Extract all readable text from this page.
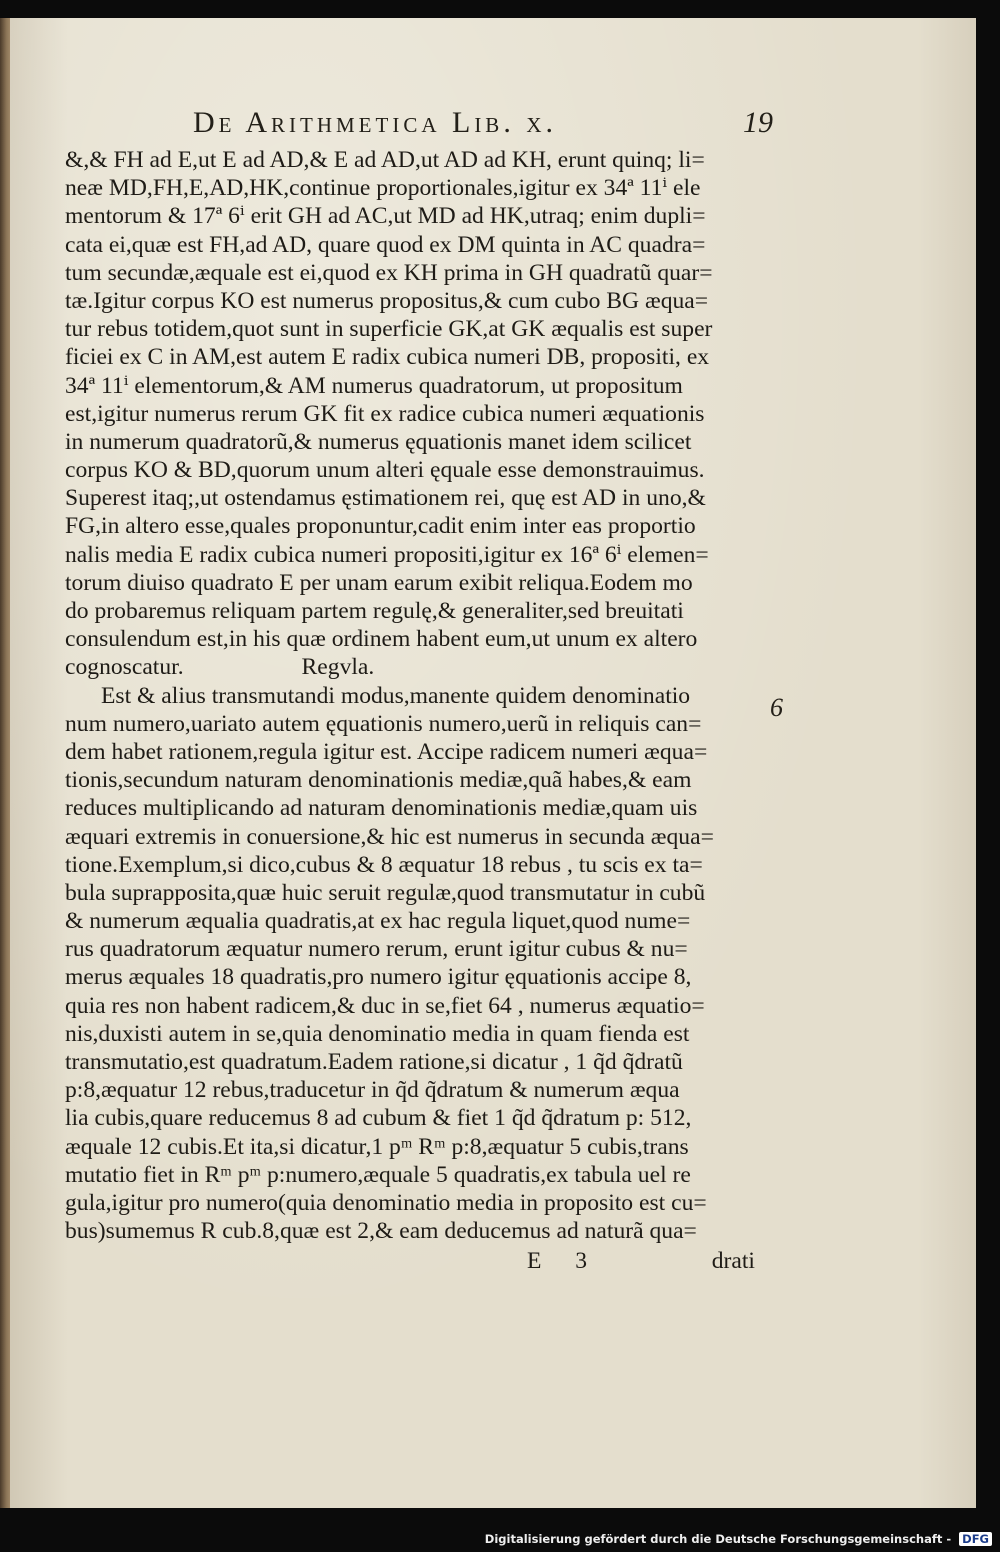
De Arithmetica Lib. x.	19
&,& FH ad E,ut E ad AD,& E ad AD,ut AD ad KH, erunt quinq; li=
neæ MD,FH,E,AD,HK,continue proportionales,igitur ex 34ª 11ⁱ ele
mentorum & 17ª 6ⁱ erit GH ad AC,ut MD ad HK,utraq; enim dupli=
cata ei,quæ est FH,ad AD, quare quod ex DM quinta in AC quadra=
tum secundæ,æquale est ei,quod ex KH prima in GH quadratũ quar=
tæ.Igitur corpus KO est numerus propositus,& cum cubo BG æqua=
tur rebus totidem,quot sunt in superficie GK,at GK æqualis est super
ficiei ex C in AM,est autem E radix cubica numeri DB, propositi, ex
34ª 11ⁱ elementorum,& AM numerus quadratorum, ut propositum
est,igitur numerus rerum GK fit ex radice cubica numeri æquationis
in numerum quadratorũ,& numerus ęquationis manet idem scilicet
corpus KO & BD,quorum unum alteri ęquale esse demonstrauimus.
Superest itaq;,ut ostendamus ęstimationem rei, quę est AD in uno,&
FG,in altero esse,quales proponuntur,cadit enim inter eas proportio
nalis media E radix cubica numeri propositi,igitur ex 16ª 6ⁱ elemen=
torum diuiso quadrato E per unam earum exibit reliqua.Eodem mo
do probaremus reliquam partem regulę,& generaliter,sed breuitati
consulendum est,in his quæ ordinem habent eum,ut unum ex altero
cognoscatur.                    Regvla.
Est & alius transmutandi modus,manente quidem denominatio
num numero,uariato autem ęquationis numero,uerũ in reliquis can=
dem habet rationem,regula igitur est. Accipe radicem numeri æqua=
tionis,secundum naturam denominationis mediæ,quã habes,& eam
reduces multiplicando ad naturam denominationis mediæ,quam uis
æquari extremis in conuersione,& hic est numerus in secunda æqua=
tione.Exemplum,si dico,cubus & 8 æquatur 18 rebus , tu scis ex ta=
bula suprapposita,quæ huic seruit regulæ,quod transmutatur in cubũ
& numerum æqualia quadratis,at ex hac regula liquet,quod nume=
rus quadratorum æquatur numero rerum, erunt igitur cubus & nu=
merus æquales 18 quadratis,pro numero igitur ęquationis accipe 8,
quia res non habent radicem,& duc in se,fiet 64 , numerus æquatio=
nis,duxisti autem in se,quia denominatio media in quam fienda est
transmutatio,est quadratum.Eadem ratione,si dicatur , 1 q̃d q̃dratũ
p:8,æquatur 12 rebus,traducetur in q̃d q̃dratum & numerum æqua
lia cubis,quare reducemus 8 ad cubum & fiet 1 q̃d q̃dratum p: 512,
æquale 12 cubis.Et ita,si dicatur,1 pᵐ Rᵐ p:8,æquatur 5 cubis,trans
mutatio fiet in Rᵐ pᵐ p:numero,æquale 5 quadratis,ex tabula uel re
gula,igitur pro numero(quia denominatio media in proposito est cu=
bus)sumemus R cub.8,quæ est 2,& eam deducemus ad naturã qua=
6
E 3	drati
Digitalisierung gefördert durch die Deutsche Forschungsgemeinschaft - DFG
